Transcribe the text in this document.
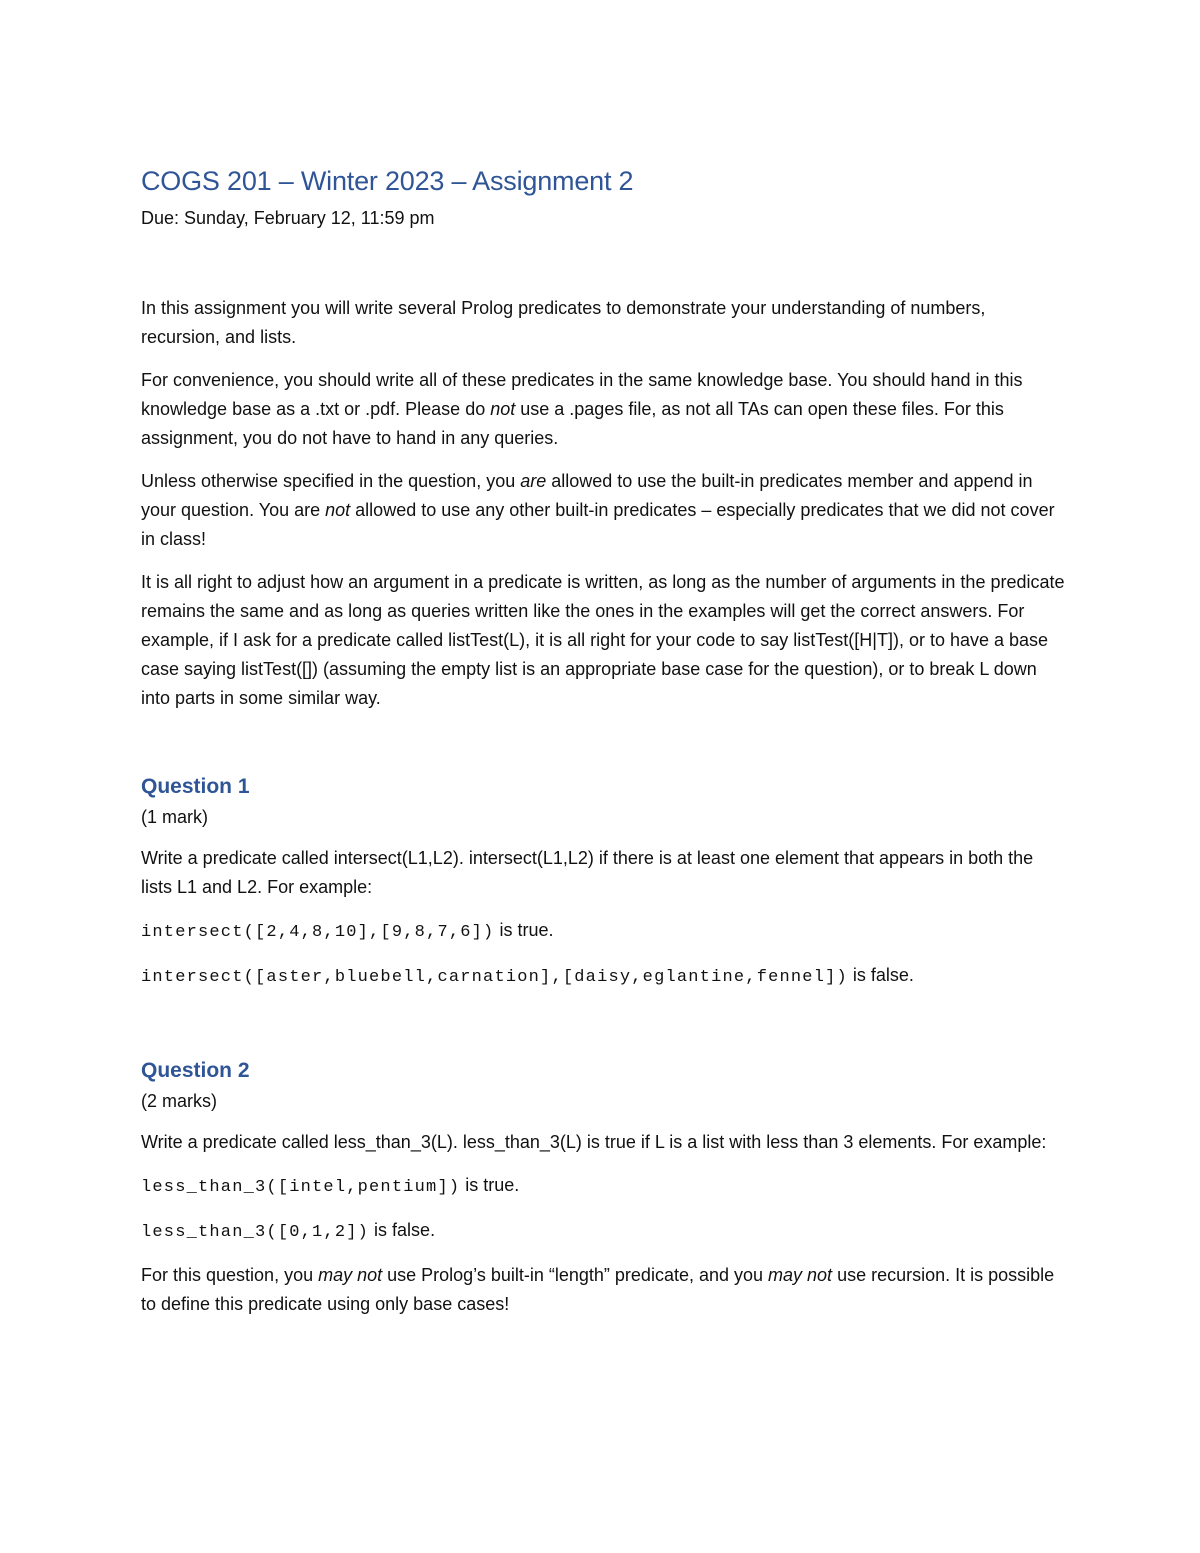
COGS 201 – Winter 2023 – Assignment 2
Due: Sunday, February 12, 11:59 pm

In this assignment you will write several Prolog predicates to demonstrate your understanding of numbers, recursion, and lists.

For convenience, you should write all of these predicates in the same knowledge base. You should hand in this knowledge base as a .txt or .pdf. Please do not use a .pages file, as not all TAs can open these files. For this assignment, you do not have to hand in any queries.

Unless otherwise specified in the question, you are allowed to use the built-in predicates member and append in your question. You are not allowed to use any other built-in predicates – especially predicates that we did not cover in class!

It is all right to adjust how an argument in a predicate is written, as long as the number of arguments in the predicate remains the same and as long as queries written like the ones in the examples will get the correct answers. For example, if I ask for a predicate called listTest(L), it is all right for your code to say listTest([H|T]), or to have a base case saying listTest([]) (assuming the empty list is an appropriate base case for the question), or to break L down into parts in some similar way.

Question 1
(1 mark)

Write a predicate called intersect(L1,L2). intersect(L1,L2) if there is at least one element that appears in both the lists L1 and L2. For example:

intersect([2,4,8,10],[9,8,7,6]) is true.

intersect([aster,bluebell,carnation],[daisy,eglantine,fennel]) is false.

Question 2
(2 marks)

Write a predicate called less_than_3(L). less_than_3(L) is true if L is a list with less than 3 elements. For example:

less_than_3([intel,pentium]) is true.

less_than_3([0,1,2]) is false.

For this question, you may not use Prolog’s built-in “length” predicate, and you may not use recursion. It is possible to define this predicate using only base cases!
